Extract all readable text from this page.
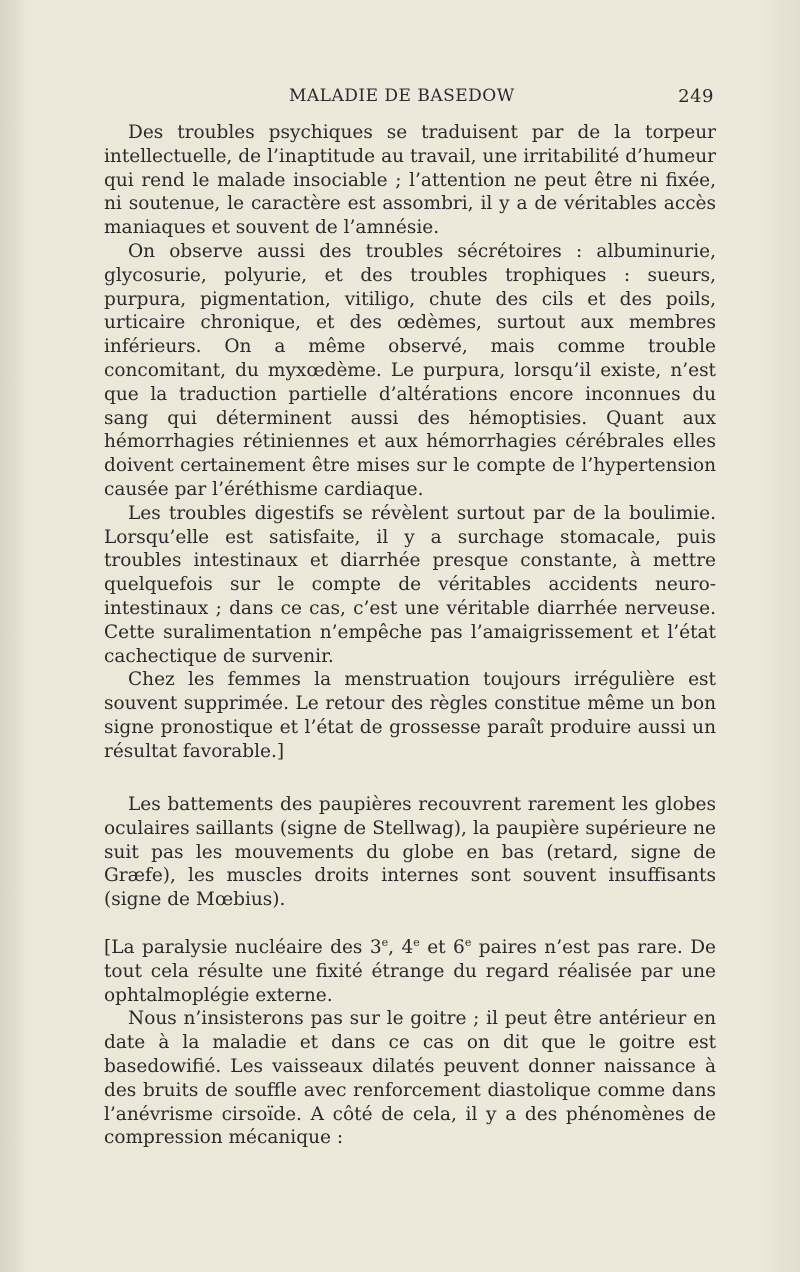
MALADIE DE BASEDOW	249

Des troubles psychiques se traduisent par de la torpeur intellectuelle, de l’inaptitude au travail, une irritabilité d’humeur qui rend le malade insociable ; l’attention ne peut être ni fixée, ni soutenue, le caractère est assombri, il y a de véritables accès maniaques et souvent de l’amnésie.

On observe aussi des troubles sécrétoires : albuminurie, glycosurie, polyurie, et des troubles trophiques : sueurs, purpura, pigmentation, vitiligo, chute des cils et des poils, urticaire chronique, et des œdèmes, surtout aux membres inférieurs. On a même observé, mais comme trouble concomitant, du myxœdème. Le purpura, lorsqu’il existe, n’est que la traduction partielle d’altérations encore inconnues du sang qui déterminent aussi des hémoptisies. Quant aux hémorrhagies rétiniennes et aux hémorrhagies cérébrales elles doivent certainement être mises sur le compte de l’hypertension causée par l’éréthisme cardiaque.

Les troubles digestifs se révèlent surtout par de la boulimie. Lorsqu’elle est satisfaite, il y a surchage stomacale, puis troubles intestinaux et diarrhée presque constante, à mettre quelquefois sur le compte de véritables accidents neuro-intestinaux ; dans ce cas, c’est une véritable diarrhée nerveuse. Cette suralimentation n’empêche pas l’amaigrissement et l’état cachectique de survenir.

Chez les femmes la menstruation toujours irrégulière est souvent supprimée. Le retour des règles constitue même un bon signe pronostique et l’état de grossesse paraît produire aussi un résultat favorable.]

Les battements des paupières recouvrent rarement les globes oculaires saillants (signe de Stellwag), la paupière supérieure ne suit pas les mouvements du globe en bas (retard, signe de Græfe), les muscles droits internes sont souvent insuffisants (signe de Mœbius).

[La paralysie nucléaire des 3e, 4e et 6e paires n’est pas rare. De tout cela résulte une fixité étrange du regard réalisée par une ophtalmoplégie externe.

Nous n’insisterons pas sur le goitre ; il peut être antérieur en date à la maladie et dans ce cas on dit que le goitre est basedowifié. Les vaisseaux dilatés peuvent donner naissance à des bruits de souffle avec renforcement diastolique comme dans l’anévrisme cirsoïde. A côté de cela, il y a des phénomènes de compression mécanique :
